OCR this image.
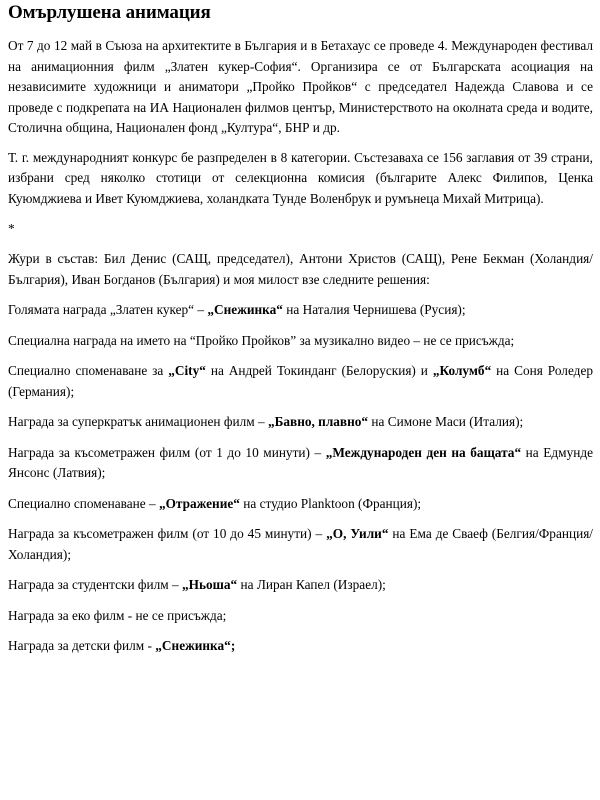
Омърлушена анимация

От 7 до 12 май в Съюза на архитектите в България и в Бетахаус се проведе 4. Международен фестивал на анимационния филм „Златен кукер-София“. Организира се от Българската асоциация на независимите художници и аниматори „Пройко Пройков“ с председател Надежда Славова и се проведе с подкрепата на ИА Национален филмов център, Министерството на околната среда и водите, Столична община, Национален фонд „Култура“, БНР и др.

Т. г. международният конкурс бе разпределен в 8 категории. Състезаваха се 156 заглавия от 39 страни, избрани сред няколко стотици от селекционна комисия (българите Алекс Филипов, Ценка Куюмджиева и Ивет Куюмджиева, холандката Тунде Воленбрук и румънеца Михай Митрица).

*

Жури в състав: Бил Денис (САЩ, председател), Антони Христов (САЩ), Рене Бекман (Холандия/България), Иван Богданов (България) и моя милост взе следните решения:

Голямата награда „Златен кукер“ – „Снежинка“ на Наталия Чернишева (Русия);

Специална награда на името на “Пройко Пройков” за музикално видео – не се присъжда;

Специално споменаване за „City“ на Андрей Токинданг (Белоруския) и „Колумб“ на Соня Роледер (Германия);

Награда за суперкратък анимационен филм – „Бавно, плавно“ на Симоне Маси (Италия);

Награда за късометражен филм (от 1 до 10 минути) – „Международен ден на бащата“ на Едмунде Янсонс (Латвия);

Специално споменаване – „Отражение“ на студио Planktoon (Франция);

Награда за късометражен филм (от 10 до 45 минути) – „О, Уили“ на Ема де Сваеф (Белгия/Франция/Холандия);

Награда за студентски филм – „Ньоша“ на Лиран Капел (Израел);

Награда за еко филм - не се присъжда;

Награда за детски филм - „Снежинка“;
